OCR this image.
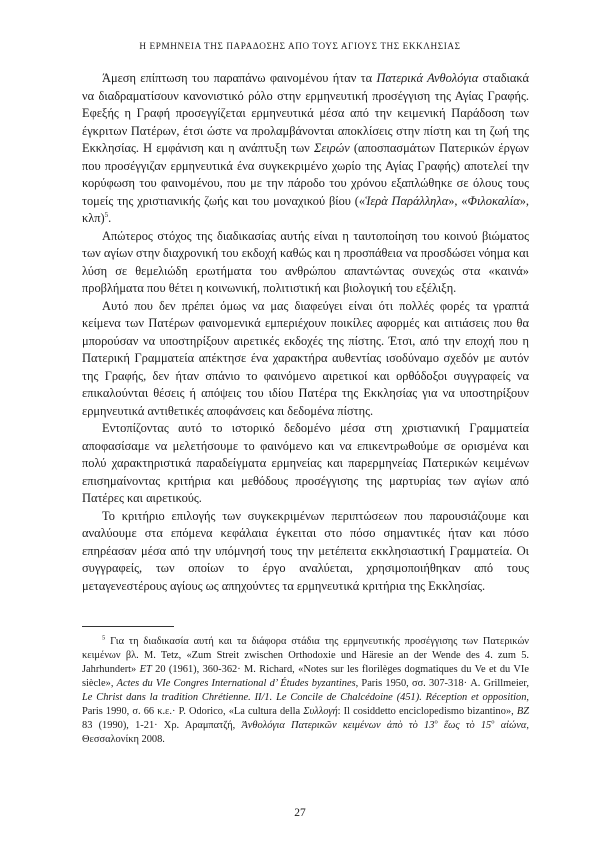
Η ΕΡΜΗΝΕΙΑ ΤΗΣ ΠΑΡΑΔΟΣΗΣ ΑΠΟ ΤΟΥΣ ΑΓΙΟΥΣ ΤΗΣ ΕΚΚΛΗΣΙΑΣ

Άμεση επίπτωση του παραπάνω φαινομένου ήταν τα Πατερικά Ανθολόγια σταδιακά να διαδραματίσουν κανονιστικό ρόλο στην ερμηνευτική προσέγγιση της Αγίας Γραφής. Εφεξής η Γραφή προσεγγίζεται ερμηνευτικά μέσα από την κειμενική Παράδοση των έγκριτων Πατέρων, έτσι ώστε να προλαμβάνονται αποκλίσεις στην πίστη και τη ζωή της Εκκλησίας. Η εμφάνιση και η ανάπτυξη των Σειρών (αποσπασμάτων Πατερικών έργων που προσέγγιζαν ερμηνευτικά ένα συγκεκριμένο χωρίο της Αγίας Γραφής) αποτελεί την κορύφωση του φαινομένου, που με την πάροδο του χρόνου εξαπλώθηκε σε όλους τους τομείς της χριστιανικής ζωής και του μοναχικού βίου («Ἱερὰ Παράλληλα», «Φιλοκαλία», κλπ)$^5$.

Απώτερος στόχος της διαδικασίας αυτής είναι η ταυτοποίηση του κοινού βιώματος των αγίων στην διαχρονική του εκδοχή καθώς και η προσπάθεια να προσδώσει νόημα και λύση σε θεμελιώδη ερωτήματα του ανθρώπου απαντώντας συνεχώς στα «καινά» προβλήματα που θέτει η κοινωνική, πολιτιστική και βιολογική του εξέλιξη.

Αυτό που δεν πρέπει όμως να μας διαφεύγει είναι ότι πολλές φορές τα γραπτά κείμενα των Πατέρων φαινομενικά εμπεριέχουν ποικίλες αφορμές και αιτιάσεις που θα μπορούσαν να υποστηρίξουν αιρετικές εκδοχές της πίστης. Έτσι, από την εποχή που η Πατερική Γραμματεία απέκτησε ένα χαρακτήρα αυθεντίας ισοδύναμο σχεδόν με αυτόν της Γραφής, δεν ήταν σπάνιο το φαινόμενο αιρετικοί και ορθόδοξοι συγγραφείς να επικαλούνται θέσεις ή απόψεις του ιδίου Πατέρα της Εκκλησίας για να υποστηρίξουν ερμηνευτικά αντιθετικές αποφάνσεις και δεδομένα πίστης.

Εντοπίζοντας αυτό το ιστορικό δεδομένο μέσα στη χριστιανική Γραμματεία αποφασίσαμε να μελετήσουμε το φαινόμενο και να επικεντρωθούμε σε ορισμένα και πολύ χαρακτηριστικά παραδείγματα ερμηνείας και παρερμηνείας Πατερικών κειμένων επισημαίνοντας κριτήρια και μεθόδους προσέγγισης της μαρτυρίας των αγίων από Πατέρες και αιρετικούς.

Το κριτήριο επιλογής των συγκεκριμένων περιπτώσεων που παρουσιάζουμε και αναλύουμε στα επόμενα κεφάλαια έγκειται στο πόσο σημαντικές ήταν και πόσο επηρέασαν μέσα από την υπόμνησή τους την μετέπειτα εκκλησιαστική Γραμματεία. Οι συγγραφείς, των οποίων το έργο αναλύεται, χρησιμοποιήθηκαν από τους μεταγενεστέρους αγίους ως απηχούντες τα ερμηνευτικά κριτήρια της Εκκλησίας.

$^5$ Για τη διαδικασία αυτή και τα διάφορα στάδια της ερμηνευτικής προσέγγισης των Πατερικών κειμένων βλ. M. Tetz, «Zum Streit zwischen Orthodoxie und Häresie an der Wende des 4. zum 5. Jahrhundert» ET 20 (1961), 360-362· M. Richard, «Notes sur les florilèges dogmatiques du Ve et du VIe siècle», Actes du VIe Congres International d’ Études byzantines, Paris 1950, σσ. 307-318· A. Grillmeier, Le Christ dans la tradition Chrétienne. II/1. Le Concile de Chalcédoine (451). Réception et opposition, Paris 1990, σ. 66 κ.ε.· P. Odorico, «La cultura della Συλλογή: Il cosiddetto enciclopedismo bizantino», BZ 83 (1990), 1-21· Χρ. Αραμπατζή, Ἀνθολόγια Πατερικῶν κειμένων ἀπὸ τὸ $13^o$ ἕως τὸ $15^o$ αἰώνα, Θεσσαλονίκη 2008.
27
